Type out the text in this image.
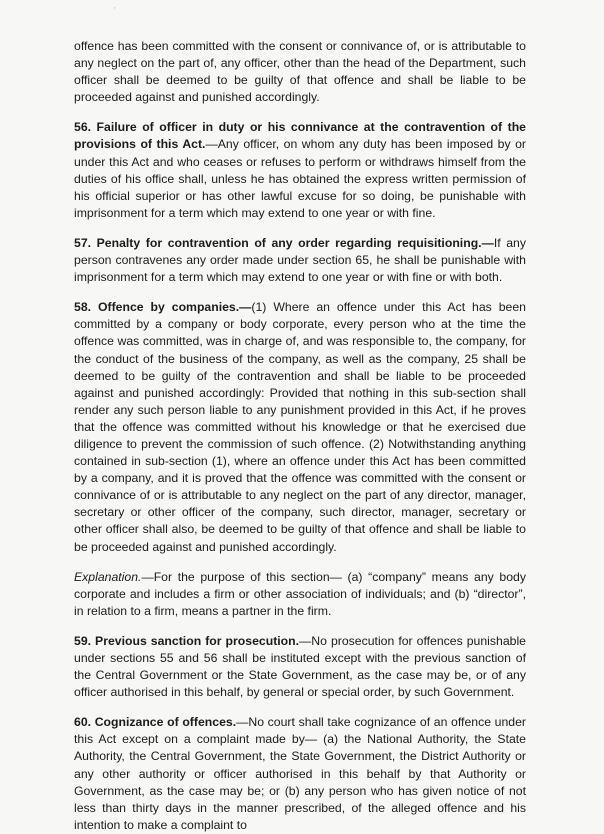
'

offence has been committed with the consent or connivance of, or is attributable to any neglect on the part of, any officer, other than the head of the Department, such officer shall be deemed to be guilty of that offence and shall be liable to be proceeded against and punished accordingly.

56. Failure of officer in duty or his connivance at the contravention of the provisions of this Act.—Any officer, on whom any duty has been imposed by or under this Act and who ceases or refuses to perform or withdraws himself from the duties of his office shall, unless he has obtained the express written permission of his official superior or has other lawful excuse for so doing, be punishable with imprisonment for a term which may extend to one year or with fine.

57. Penalty for contravention of any order regarding requisitioning.—If any person contravenes any order made under section 65, he shall be punishable with imprisonment for a term which may extend to one year or with fine or with both.

58. Offence by companies.—(1) Where an offence under this Act has been committed by a company or body corporate, every person who at the time the offence was committed, was in charge of, and was responsible to, the company, for the conduct of the business of the company, as well as the company, 25 shall be deemed to be guilty of the contravention and shall be liable to be proceeded against and punished accordingly: Provided that nothing in this sub-section shall render any such person liable to any punishment provided in this Act, if he proves that the offence was committed without his knowledge or that he exercised due diligence to prevent the commission of such offence. (2) Notwithstanding anything contained in sub-section (1), where an offence under this Act has been committed by a company, and it is proved that the offence was committed with the consent or connivance of or is attributable to any neglect on the part of any director, manager, secretary or other officer of the company, such director, manager, secretary or other officer shall also, be deemed to be guilty of that offence and shall be liable to be proceeded against and punished accordingly.

Explanation.—For the purpose of this section— (a) “company” means any body corporate and includes a firm or other association of individuals; and (b) “director”, in relation to a firm, means a partner in the firm.

59. Previous sanction for prosecution.—No prosecution for offences punishable under sections 55 and 56 shall be instituted except with the previous sanction of the Central Government or the State Government, as the case may be, or of any officer authorised in this behalf, by general or special order, by such Government.

60. Cognizance of offences.—No court shall take cognizance of an offence under this Act except on a complaint made by— (a) the National Authority, the State Authority, the Central Government, the State Government, the District Authority or any other authority or officer authorised in this behalf by that Authority or Government, as the case may be; or (b) any person who has given notice of not less than thirty days in the manner prescribed, of the alleged offence and his intention to make a complaint to
